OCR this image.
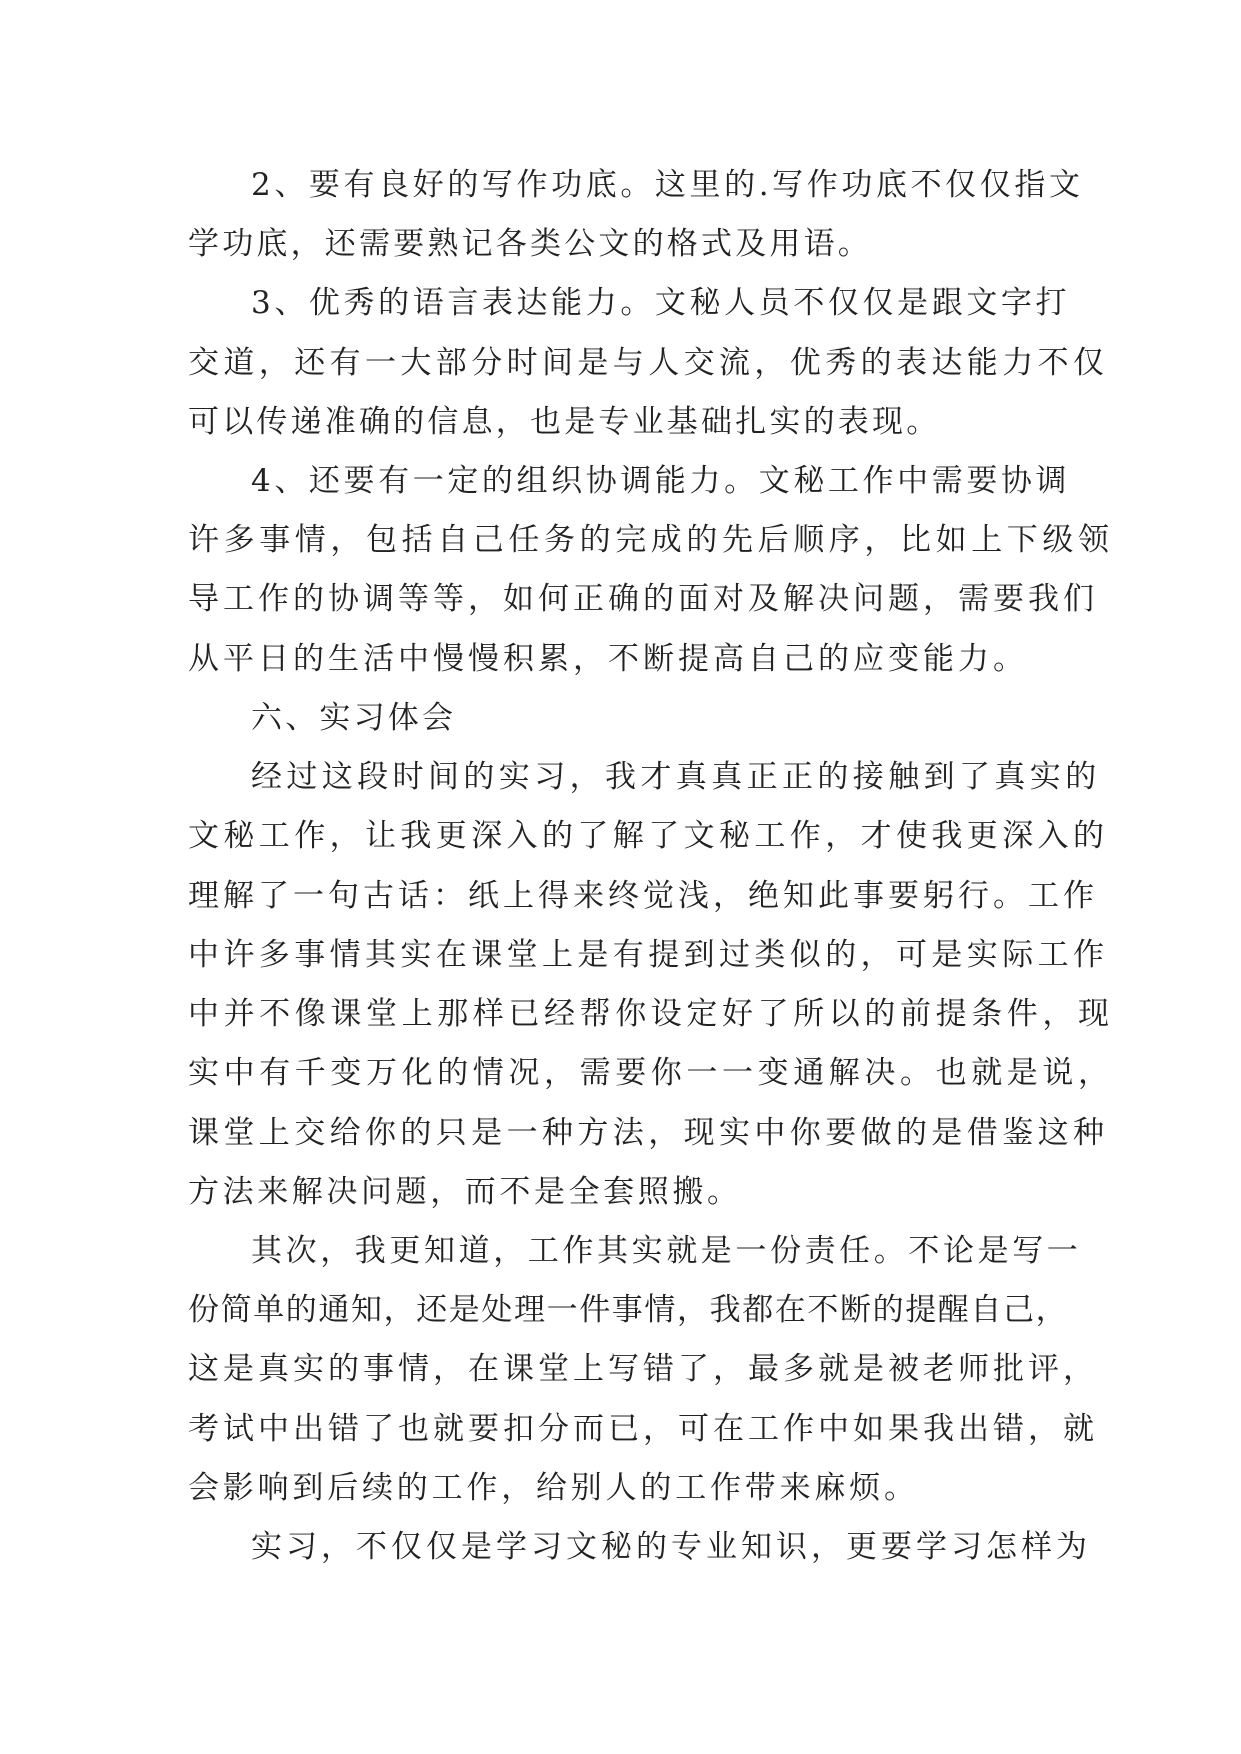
2、要有良好的写作功底。这里的.写作功底不仅仅指文
学功底，还需要熟记各类公文的格式及用语。
3、优秀的语言表达能力。文秘人员不仅仅是跟文字打
交道，还有一大部分时间是与人交流，优秀的表达能力不仅
可以传递准确的信息，也是专业基础扎实的表现。
4、还要有一定的组织协调能力。文秘工作中需要协调
许多事情，包括自己任务的完成的先后顺序，比如上下级领
导工作的协调等等，如何正确的面对及解决问题，需要我们
从平日的生活中慢慢积累，不断提高自己的应变能力。
六、实习体会
经过这段时间的实习，我才真真正正的接触到了真实的
文秘工作，让我更深入的了解了文秘工作，才使我更深入的
理解了一句古话：纸上得来终觉浅，绝知此事要躬行。工作
中许多事情其实在课堂上是有提到过类似的，可是实际工作
中并不像课堂上那样已经帮你设定好了所以的前提条件，现
实中有千变万化的情况，需要你一一变通解决。也就是说，
课堂上交给你的只是一种方法，现实中你要做的是借鉴这种
方法来解决问题，而不是全套照搬。
其次，我更知道，工作其实就是一份责任。不论是写一
份简单的通知，还是处理一件事情，我都在不断的提醒自己，
这是真实的事情，在课堂上写错了，最多就是被老师批评，
考试中出错了也就要扣分而已，可在工作中如果我出错，就
会影响到后续的工作，给别人的工作带来麻烦。
实习，不仅仅是学习文秘的专业知识，更要学习怎样为
